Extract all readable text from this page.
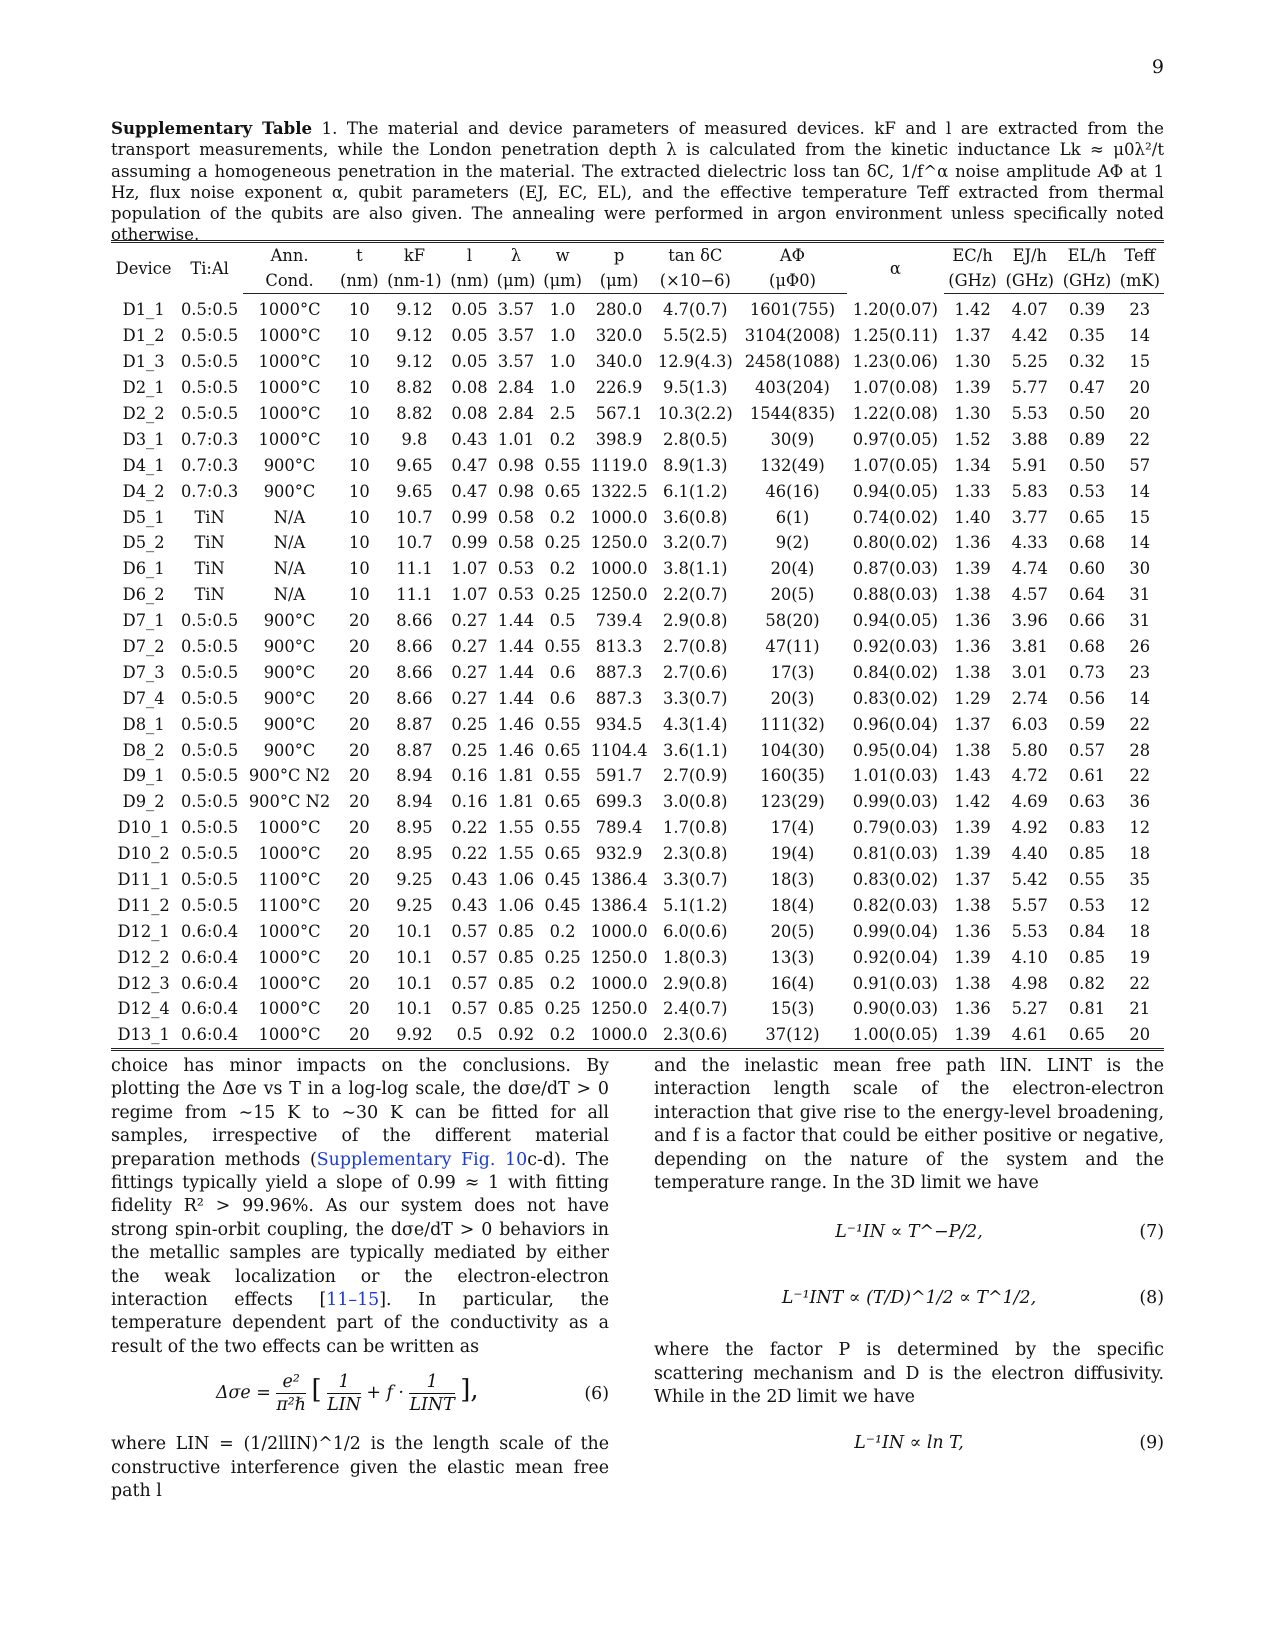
9
Supplementary Table 1. The material and device parameters of measured devices. kF and l are extracted from the transport measurements, while the London penetration depth λ is calculated from the kinetic inductance Lk ≈ μ0λ²/t assuming a homogeneous penetration in the material. The extracted dielectric loss tan δC, 1/f^α noise amplitude AΦ at 1 Hz, flux noise exponent α, qubit parameters (EJ, EC, EL), and the effective temperature Teff extracted from thermal population of the qubits are also given. The annealing were performed in argon environment unless specifically noted otherwise.
Device	Ti:Al	Ann.	t	kF	l	λ	w	p	tan δC	AΦ	α	EC/h	EJ/h	EL/h	Teff
		Cond.	(nm)	(nm-1)	(nm)	(μm)	(μm)	(μm)	(×10−6)	(μΦ0)		(GHz)	(GHz)	(GHz)	(mK)
D1_1	0.5:0.5	1000°C	10	9.12	0.05	3.57	1.0	280.0	4.7(0.7)	1601(755)	1.20(0.07)	1.42	4.07	0.39	23
D1_2	0.5:0.5	1000°C	10	9.12	0.05	3.57	1.0	320.0	5.5(2.5)	3104(2008)	1.25(0.11)	1.37	4.42	0.35	14
D1_3	0.5:0.5	1000°C	10	9.12	0.05	3.57	1.0	340.0	12.9(4.3)	2458(1088)	1.23(0.06)	1.30	5.25	0.32	15
D2_1	0.5:0.5	1000°C	10	8.82	0.08	2.84	1.0	226.9	9.5(1.3)	403(204)	1.07(0.08)	1.39	5.77	0.47	20
D2_2	0.5:0.5	1000°C	10	8.82	0.08	2.84	2.5	567.1	10.3(2.2)	1544(835)	1.22(0.08)	1.30	5.53	0.50	20
D3_1	0.7:0.3	1000°C	10	9.8	0.43	1.01	0.2	398.9	2.8(0.5)	30(9)	0.97(0.05)	1.52	3.88	0.89	22
D4_1	0.7:0.3	900°C	10	9.65	0.47	0.98	0.55	1119.0	8.9(1.3)	132(49)	1.07(0.05)	1.34	5.91	0.50	57
D4_2	0.7:0.3	900°C	10	9.65	0.47	0.98	0.65	1322.5	6.1(1.2)	46(16)	0.94(0.05)	1.33	5.83	0.53	14
D5_1	TiN	N/A	10	10.7	0.99	0.58	0.2	1000.0	3.6(0.8)	6(1)	0.74(0.02)	1.40	3.77	0.65	15
D5_2	TiN	N/A	10	10.7	0.99	0.58	0.25	1250.0	3.2(0.7)	9(2)	0.80(0.02)	1.36	4.33	0.68	14
D6_1	TiN	N/A	10	11.1	1.07	0.53	0.2	1000.0	3.8(1.1)	20(4)	0.87(0.03)	1.39	4.74	0.60	30
D6_2	TiN	N/A	10	11.1	1.07	0.53	0.25	1250.0	2.2(0.7)	20(5)	0.88(0.03)	1.38	4.57	0.64	31
D7_1	0.5:0.5	900°C	20	8.66	0.27	1.44	0.5	739.4	2.9(0.8)	58(20)	0.94(0.05)	1.36	3.96	0.66	31
D7_2	0.5:0.5	900°C	20	8.66	0.27	1.44	0.55	813.3	2.7(0.8)	47(11)	0.92(0.03)	1.36	3.81	0.68	26
D7_3	0.5:0.5	900°C	20	8.66	0.27	1.44	0.6	887.3	2.7(0.6)	17(3)	0.84(0.02)	1.38	3.01	0.73	23
D7_4	0.5:0.5	900°C	20	8.66	0.27	1.44	0.6	887.3	3.3(0.7)	20(3)	0.83(0.02)	1.29	2.74	0.56	14
D8_1	0.5:0.5	900°C	20	8.87	0.25	1.46	0.55	934.5	4.3(1.4)	111(32)	0.96(0.04)	1.37	6.03	0.59	22
D8_2	0.5:0.5	900°C	20	8.87	0.25	1.46	0.65	1104.4	3.6(1.1)	104(30)	0.95(0.04)	1.38	5.80	0.57	28
D9_1	0.5:0.5	900°C N2	20	8.94	0.16	1.81	0.55	591.7	2.7(0.9)	160(35)	1.01(0.03)	1.43	4.72	0.61	22
D9_2	0.5:0.5	900°C N2	20	8.94	0.16	1.81	0.65	699.3	3.0(0.8)	123(29)	0.99(0.03)	1.42	4.69	0.63	36
D10_1	0.5:0.5	1000°C	20	8.95	0.22	1.55	0.55	789.4	1.7(0.8)	17(4)	0.79(0.03)	1.39	4.92	0.83	12
D10_2	0.5:0.5	1000°C	20	8.95	0.22	1.55	0.65	932.9	2.3(0.8)	19(4)	0.81(0.03)	1.39	4.40	0.85	18
D11_1	0.5:0.5	1100°C	20	9.25	0.43	1.06	0.45	1386.4	3.3(0.7)	18(3)	0.83(0.02)	1.37	5.42	0.55	35
D11_2	0.5:0.5	1100°C	20	9.25	0.43	1.06	0.45	1386.4	5.1(1.2)	18(4)	0.82(0.03)	1.38	5.57	0.53	12
D12_1	0.6:0.4	1000°C	20	10.1	0.57	0.85	0.2	1000.0	6.0(0.6)	20(5)	0.99(0.04)	1.36	5.53	0.84	18
D12_2	0.6:0.4	1000°C	20	10.1	0.57	0.85	0.25	1250.0	1.8(0.3)	13(3)	0.92(0.04)	1.39	4.10	0.85	19
D12_3	0.6:0.4	1000°C	20	10.1	0.57	0.85	0.2	1000.0	2.9(0.8)	16(4)	0.91(0.03)	1.38	4.98	0.82	22
D12_4	0.6:0.4	1000°C	20	10.1	0.57	0.85	0.25	1250.0	2.4(0.7)	15(3)	0.90(0.03)	1.36	5.27	0.81	21
D13_1	0.6:0.4	1000°C	20	9.92	0.5	0.92	0.2	1000.0	2.3(0.6)	37(12)	1.00(0.05)	1.39	4.61	0.65	20

choice has minor impacts on the conclusions. By plotting the Δσe vs T in a log-log scale, the dσe/dT > 0 regime from ∼15 K to ∼30 K can be fitted for all samples, irrespective of the different material preparation methods (Supplementary Fig. 10c-d). The fittings typically yield a slope of 0.99 ≈ 1 with fitting fidelity R² > 99.96%. As our system does not have strong spin-orbit coupling, the dσe/dT > 0 behaviors in the metallic samples are typically mediated by either the weak localization or the electron-electron interaction effects [11–15]. In particular, the temperature dependent part of the conductivity as a result of the two effects can be written as

Δσe =
e²
π²ℏ [ 1
LIN
+ f ·
1
LINT ],	(6)

where LIN = (1/2llIN)^1/2 is the length scale of the constructive interference given the elastic mean free path l

and the inelastic mean free path lIN. LINT is the interaction length scale of the electron-electron interaction that give rise to the energy-level broadening, and f is a factor that could be either positive or negative, depending on the nature of the system and the temperature range. In the 3D limit we have

L⁻¹IN ∝ T^−P/2,	(7)
L⁻¹INT ∝ (T/D)^1/2 ∝ T^1/2,	(8)

where the factor P is determined by the specific scattering mechanism and D is the electron diffusivity. While in the 2D limit we have

L⁻¹IN ∝ ln T,	(9)
